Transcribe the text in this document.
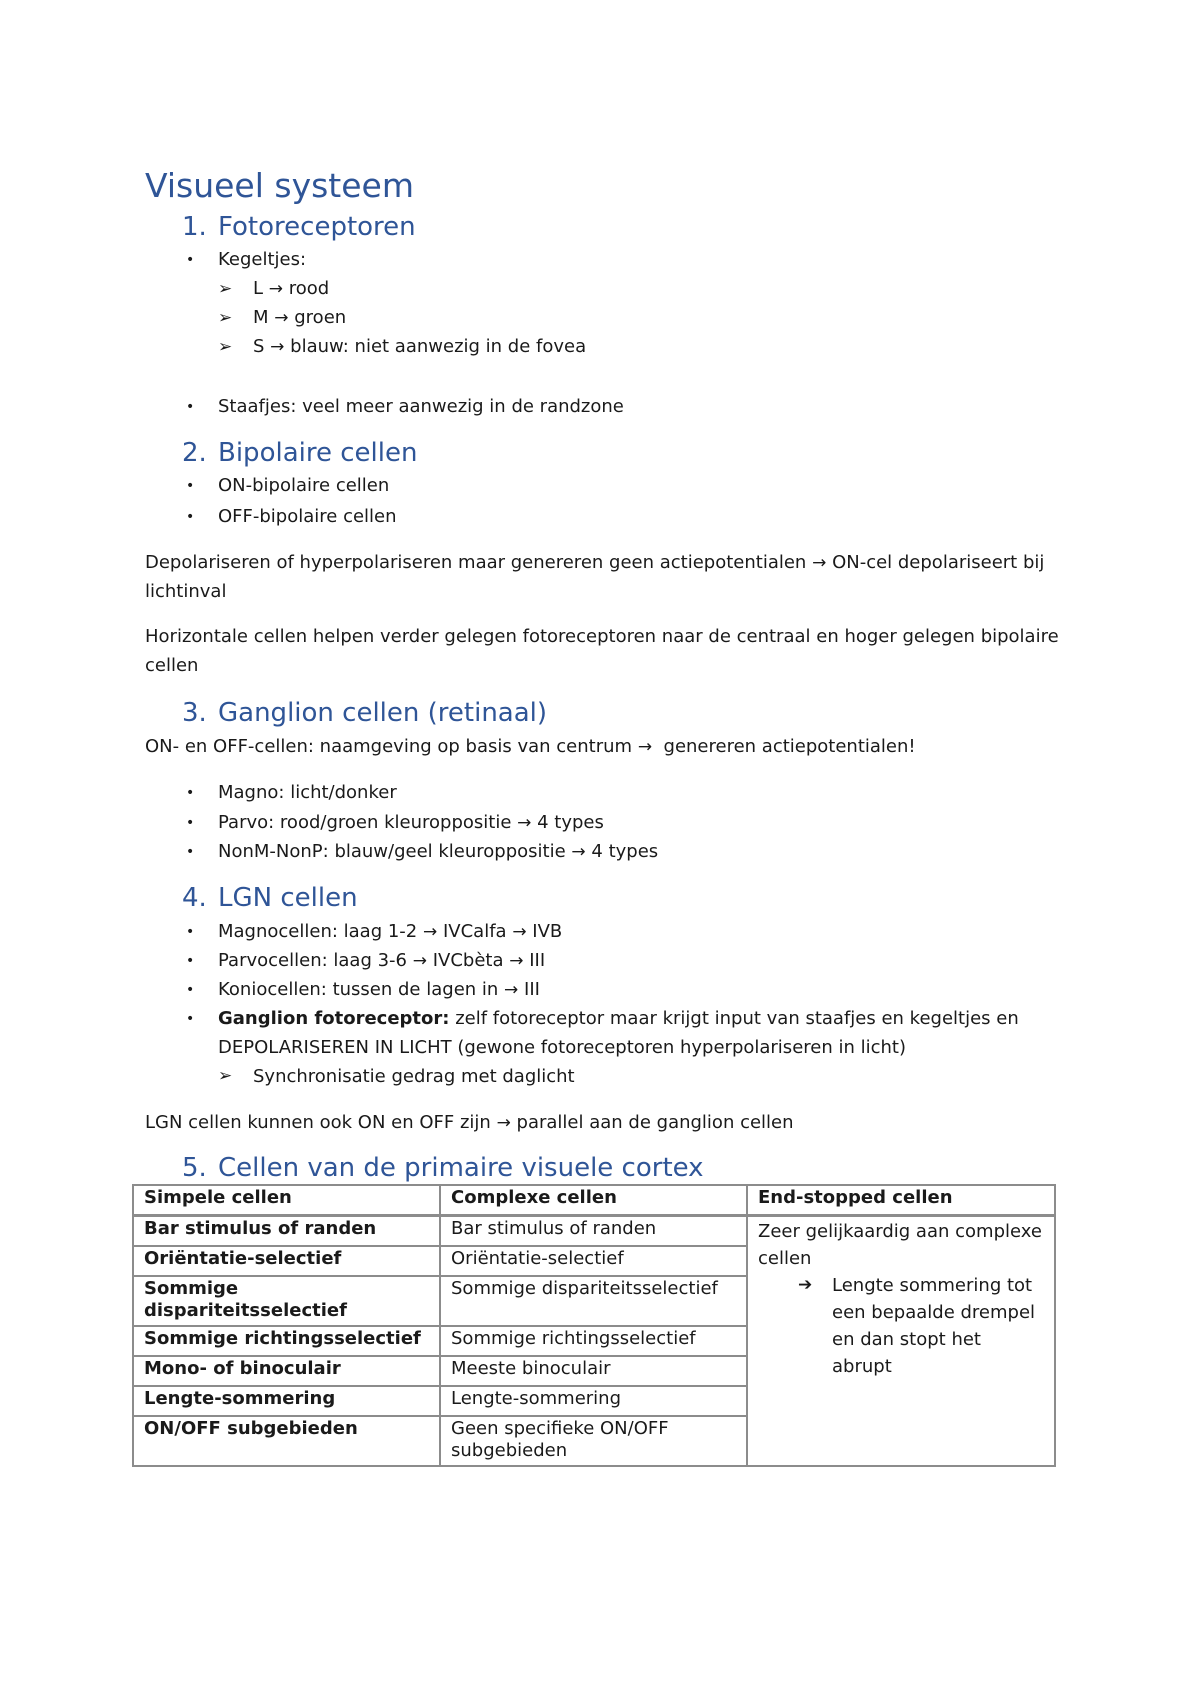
Visueel systeem
1. Fotoreceptoren
• Kegeltjes:
➢ L → rood
➢ M → groen
➢ S → blauw: niet aanwezig in de fovea
• Staafjes: veel meer aanwezig in de randzone
2. Bipolaire cellen
• ON-bipolaire cellen
• OFF-bipolaire cellen
Depolariseren of hyperpolariseren maar genereren geen actiepotentialen → ON-cel depolariseert bij
lichtinval
Horizontale cellen helpen verder gelegen fotoreceptoren naar de centraal en hoger gelegen bipolaire
cellen
3. Ganglion cellen (retinaal)
ON- en OFF-cellen: naamgeving op basis van centrum → genereren actiepotentialen!
• Magno: licht/donker
• Parvo: rood/groen kleuroppositie → 4 types
• NonM-NonP: blauw/geel kleuroppositie → 4 types
4. LGN cellen
• Magnocellen: laag 1-2 → IVCalfa → IVB
• Parvocellen: laag 3-6 → IVCbèta → III
• Koniocellen: tussen de lagen in → III
• Ganglion fotoreceptor: zelf fotoreceptor maar krijgt input van staafjes en kegeltjes en
DEPOLARISEREN IN LICHT (gewone fotoreceptoren hyperpolariseren in licht)
➢ Synchronisatie gedrag met daglicht
LGN cellen kunnen ook ON en OFF zijn → parallel aan de ganglion cellen
5. Cellen van de primaire visuele cortex
Simpele cellen	Complexe cellen	End-stopped cellen
Bar stimulus of randen	Bar stimulus of randen	Zeer gelijkaardig aan complexe cellen
➔ Lengte sommering tot een bepaalde drempel en dan stopt het abrupt

Oriëntatie-selectief	Oriëntatie-selectief	
Sommige dispariteitsselectief	Sommige dispariteitsselectief	
Sommige richtingsselectief	Sommige richtingsselectief	
Mono- of binoculair	Meeste binoculair	
Lengte-sommering	Lengte-sommering	
ON/OFF subgebieden	Geen specifieke ON/OFF subgebieden	
